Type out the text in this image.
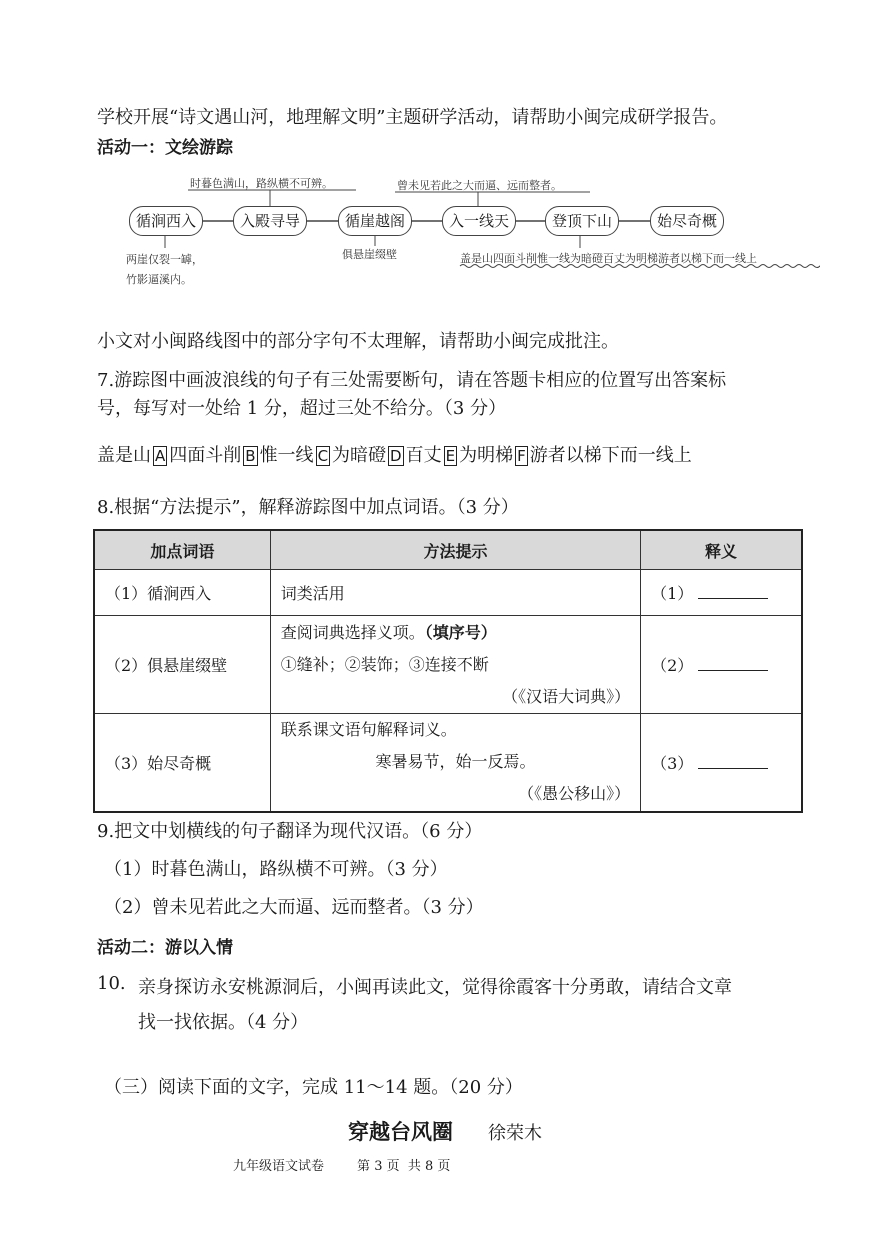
学校开展“诗文遇山河，地理解文明”主题研学活动，请帮助小闽完成研学报告。
活动一：文绘游踪
时暮色满山，路纵横不可辨。	曾未见若此之大而逼、远而整者。
循涧西入	入殿寻导	循崖越阁	入一线天	登顶下山	始尽奇概
两崖仅裂一罅，
竹影逼溪内。
俱悬崖缀壁	盖是山四面斗削惟一线为暗磴百丈为明梯游者以梯下而一线上
小文对小闽路线图中的部分字句不太理解，请帮助小闽完成批注。
7.游踪图中画波浪线的句子有三处需要断句，请在答题卡相应的位置写出答案标
号，每写对一处给 1 分，超过三处不给分。（3 分）
盖是山 A 四面斗削 B 惟一线 C 为暗磴 D 百丈 E 为明梯 F 游者以梯下而一线上
8.根据“方法提示”，解释游踪图中加点词语。（3 分）
加点词语	方法提示	释义
（1）循涧西入	词类活用	（1）
（2）俱悬崖缀壁	查阅词典选择义项。（填序号）
①缝补；②装饰；③连接不断
（《汉语大词典》）	（2）
（3）始尽奇概	联系课文语句解释词义。
寒暑易节，始一反焉。
（《愚公移山》）	（3）
9.把文中划横线的句子翻译为现代汉语。（6 分）
（1）时暮色满山，路纵横不可辨。（3 分）
（2）曾未见若此之大而逼、远而整者。（3 分）
活动二：游以入情
10. 亲身探访永安桃源洞后，小闽再读此文，觉得徐霞客十分勇敢，请结合文章
找一找依据。（4 分）
（三）阅读下面的文字，完成 11～14 题。（20 分）
穿越台风圈 徐荣木
九年级语文试卷        第 3 页  共 8 页
